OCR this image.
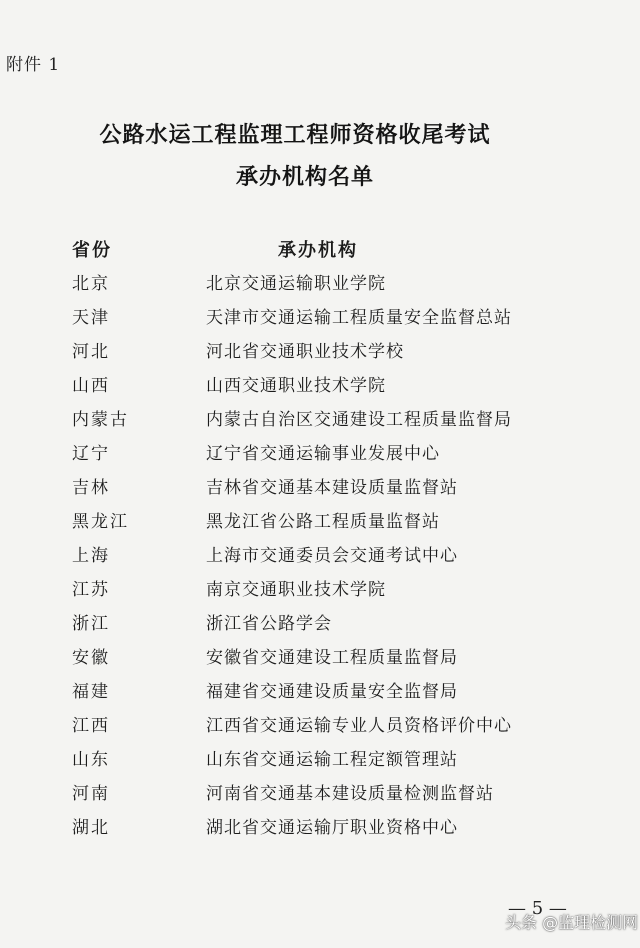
附件 1
公路水运工程监理工程师资格收尾考试
承办机构名单
省份	承办机构
北京	北京交通运输职业学院
天津	天津市交通运输工程质量安全监督总站
河北	河北省交通职业技术学校
山西	山西交通职业技术学院
内蒙古	内蒙古自治区交通建设工程质量监督局
辽宁	辽宁省交通运输事业发展中心
吉林	吉林省交通基本建设质量监督站
黑龙江	黑龙江省公路工程质量监督站
上海	上海市交通委员会交通考试中心
江苏	南京交通职业技术学院
浙江	浙江省公路学会
安徽	安徽省交通建设工程质量监督局
福建	福建省交通建设质量安全监督局
江西	江西省交通运输专业人员资格评价中心
山东	山东省交通运输工程定额管理站
河南	河南省交通基本建设质量检测监督站
湖北	湖北省交通运输厅职业资格中心
— 5 —
头条 @监理检测网
